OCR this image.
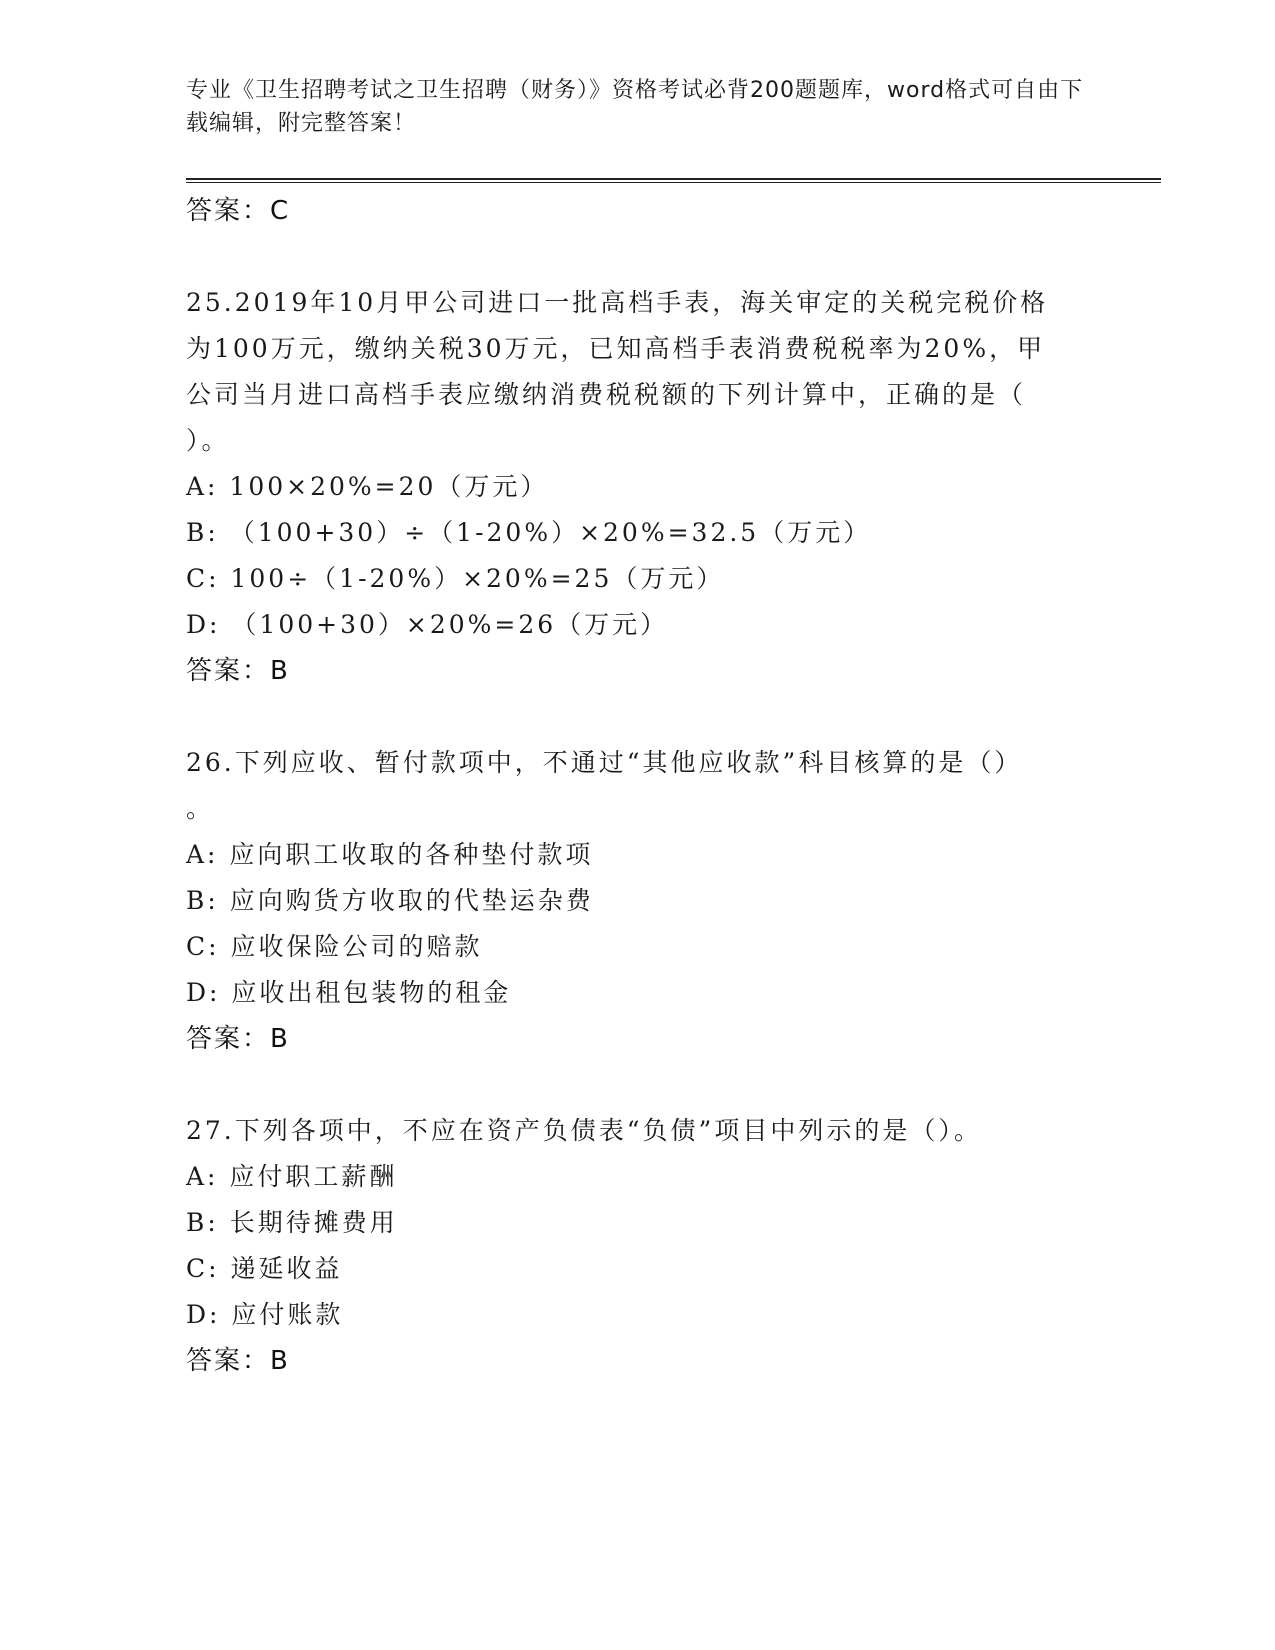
专业《卫生招聘考试之卫生招聘（财务）》资格考试必背200题题库，word格式可自由下载编辑，附完整答案！
答案：C
25.2019年10月甲公司进口一批高档手表，海关审定的关税完税价格
为100万元，缴纳关税30万元，已知高档手表消费税税率为20%，甲
公司当月进口高档手表应缴纳消费税税额的下列计算中，正确的是（
）。
A: 100×20%=20（万元）
B: （100+30）÷（1-20%）×20%=32.5（万元）
C: 100÷（1-20%）×20%=25（万元）
D: （100+30）×20%=26（万元）
答案：B
26.下列应收、暂付款项中，不通过“其他应收款”科目核算的是（）
。
A: 应向职工收取的各种垫付款项
B: 应向购货方收取的代垫运杂费
C: 应收保险公司的赔款
D: 应收出租包装物的租金
答案：B
27.下列各项中，不应在资产负债表“负债”项目中列示的是（）。
A: 应付职工薪酬
B: 长期待摊费用
C: 递延收益
D: 应付账款
答案：B
